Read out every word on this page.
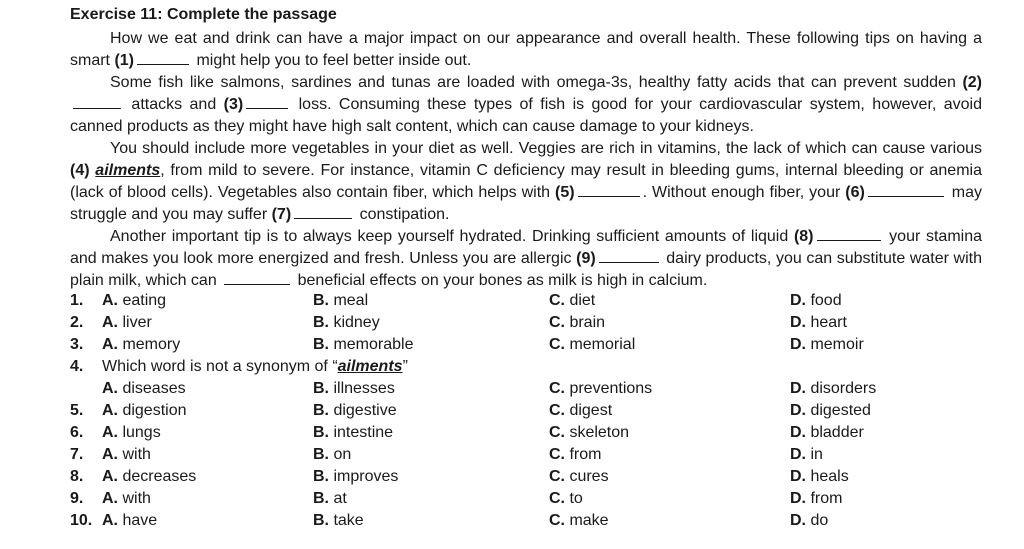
Exercise 11: Complete the passage

How we eat and drink can have a major impact on our appearance and overall health. These following tips on having a smart (1)	might help you to feel better inside out.

Some fish like salmons, sardines and tunas are loaded with omega-3s, healthy fatty acids that can prevent sudden (2) attacks and (3)	loss. Consuming these types of fish is good for your cardiovascular system, however, avoid canned products as they might have high salt content, which can cause damage to your kidneys.

You should include more vegetables in your diet as well. Veggies are rich in vitamins, the lack of which can cause various (4) ailments, from mild to severe. For instance, vitamin C deficiency may result in bleeding gums, internal bleeding or anemia (lack of blood cells). Vegetables also contain fiber, which helps with (5)	. Without enough fiber, your (6)	may struggle and you may suffer (7)	constipation.

Another important tip is to always keep yourself hydrated. Drinking sufficient amounts of liquid (8)	your stamina and makes you look more energized and fresh. Unless you are allergic (9)	dairy products, you can substitute water with plain milk, which can	beneficial effects on your bones as milk is high in calcium.

1. A. eating	B. meal	C. diet	D. food
2. A. liver	B. kidney	C. brain	D. heart
3. A. memory	B. memorable	C. memorial	D. memoir
4. Which word is not a synonym of “ailments”
A. diseases	B. illnesses	C. preventions	D. disorders
5. A. digestion	B. digestive	C. digest	D. digested
6. A. lungs	B. intestine	C. skeleton	D. bladder
7. A. with	B. on	C. from	D. in
8. A. decreases	B. improves	C. cures	D. heals
9. A. with	B. at	C. to	D. from
10. A. have	B. take	C. make	D. do
